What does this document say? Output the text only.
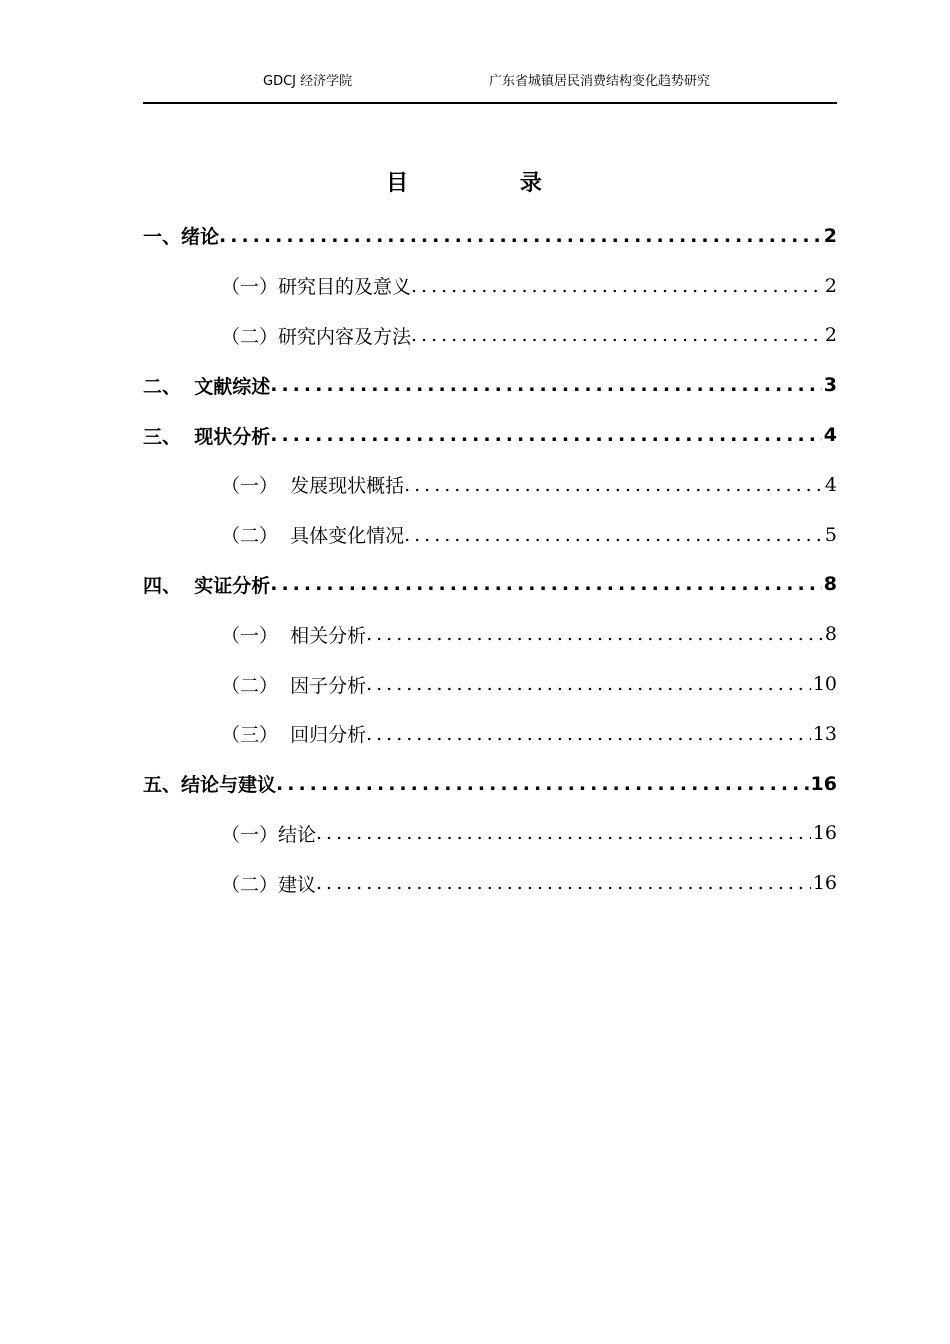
GDCJ 经济学院	广东省城镇居民消费结构变化趋势研究
目 录
一、绪论 .....	2
（一）研究目的及意义 .....	2
（二）研究内容及方法 .....	2
二、  文献综述 .....	3
三、  现状分析 .....	4
（一）  发展现状概括 .....	4
（二）  具体变化情况 .....	5
四、  实证分析 .....	8
（一）  相关分析 .....	8
（二）  因子分析 .....	10
（三）  回归分析 .....	13
五、结论与建议 .....	16
（一）结论 .....	16
（二）建议 .....	16
